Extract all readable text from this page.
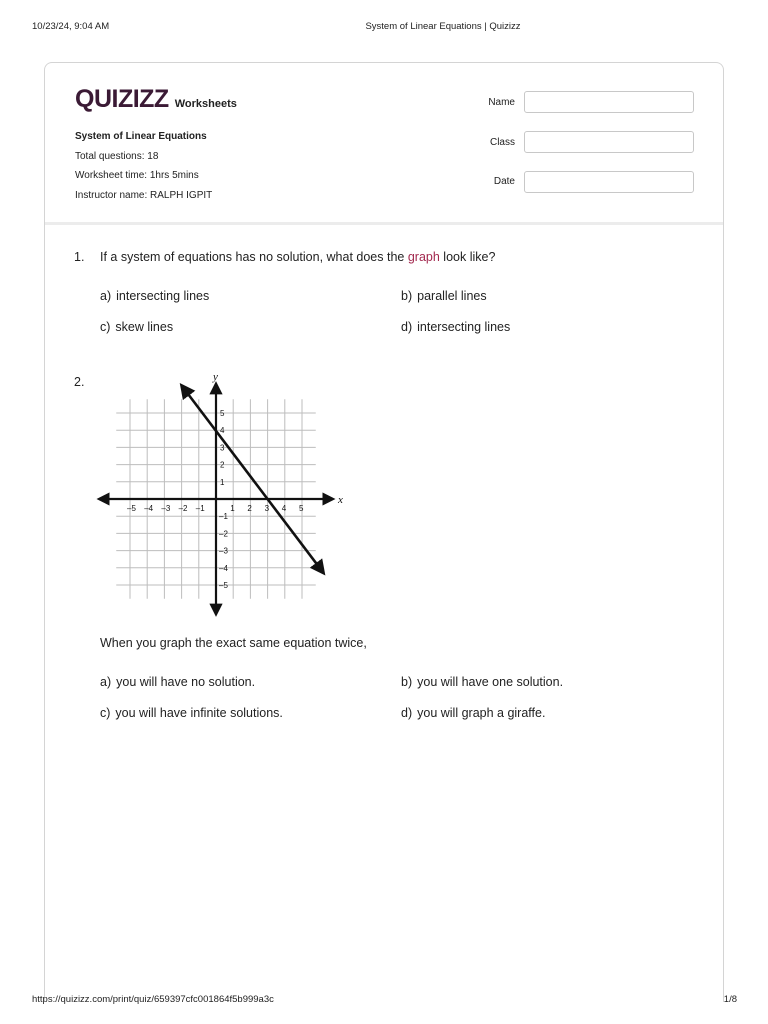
10/23/24, 9:04 AM	System of Linear Equations | Quizizz
QUIZIZZ Worksheets
System of Linear Equations
Total questions: 18
Worksheet time: 1hrs 5mins
Instructor name: RALPH IGPIT
Name
Class
Date
1. If a system of equations has no solution, what does the graph look like?
a) intersecting lines	b) parallel lines
c) skew lines	d) intersecting lines
2.
x
y
–5 –4 –3 –2 –1	1 2 3 4 5
5
4
3
2
1
–1
–2
–3
–4
–5
When you graph the exact same equation twice,
a) you will have no solution.	b) you will have one solution.
c) you will have infinite solutions.	d) you will graph a giraffe.
https://quizizz.com/print/quiz/659397cfc001864f5b999a3c	1/8
